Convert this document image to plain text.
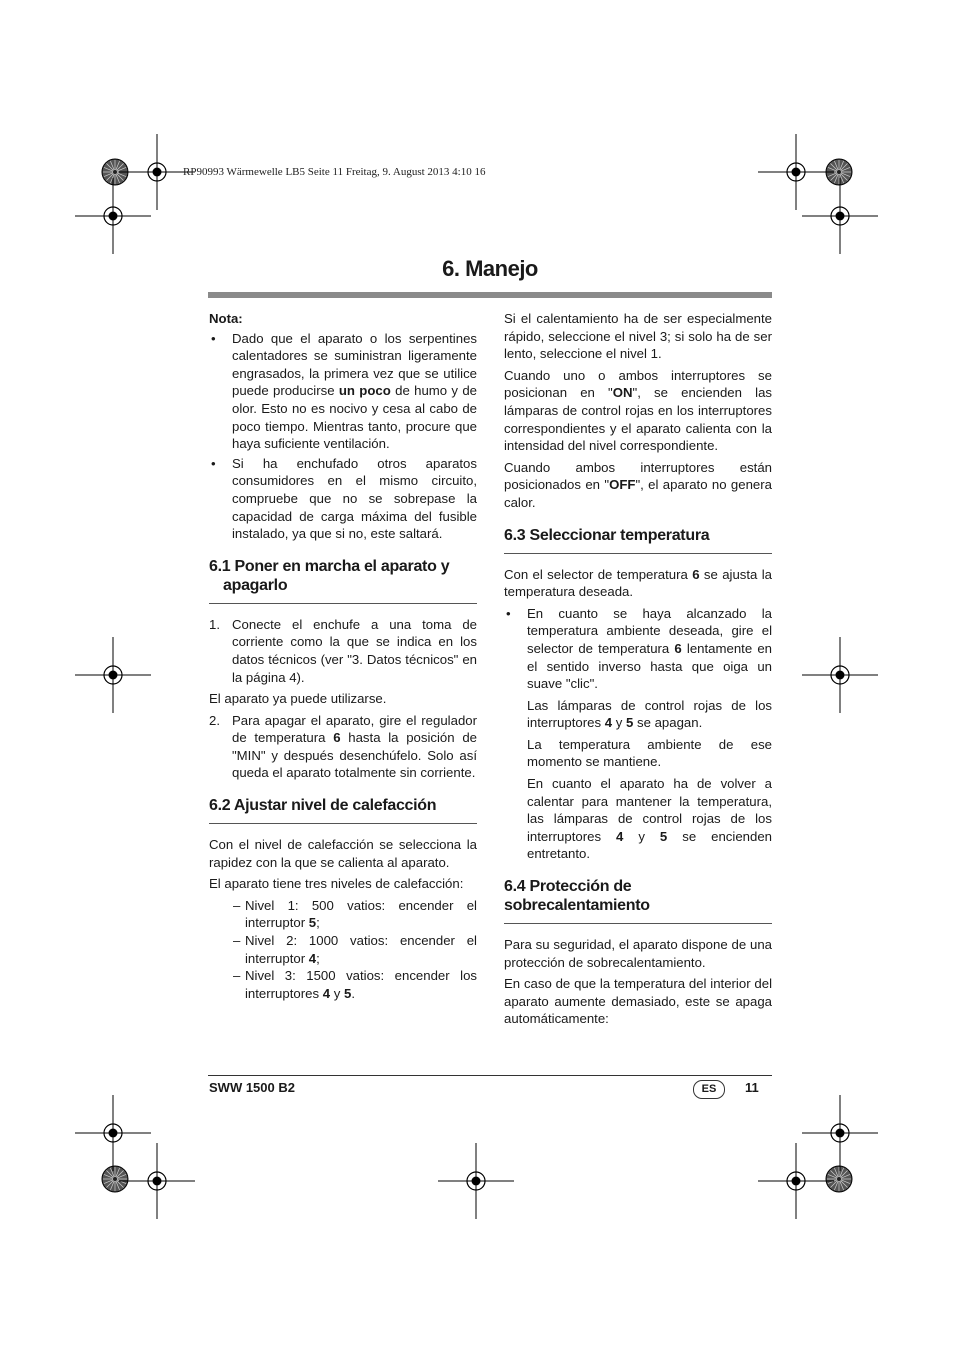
RP90993 Wärmewelle LB5 Seite 11 Freitag, 9. August 2013 4:10 16
6. Manejo

Nota:

• Dado que el aparato o los serpentines calentadores se suministran ligeramente engrasados, la primera vez que se utilice puede producirse un poco de humo y de olor. Esto no es nocivo y cesa al cabo de poco tiempo. Mientras tanto, procure que haya suficiente ventilación.
• Si ha enchufado otros aparatos consumidores en el mismo circuito, compruebe que no se sobrepase la capacidad de carga máxima del fusible instalado, ya que si no, este saltará.
6.1 Poner en marcha el aparato y apagarlo
1. Conecte el enchufe a una toma de corriente como la que se indica en los datos técnicos (ver "3. Datos técnicos" en la página 4).

El aparato ya puede utilizarse.

2. Para apagar el aparato, gire el regulador de temperatura 6 hasta la posición de "MIN" y después desenchúfelo. Solo así queda el aparato totalmente sin corriente.
6.2 Ajustar nivel de calefacción

Con el nivel de calefacción se selecciona la rapidez con la que se calienta al aparato.

El aparato tiene tres niveles de calefacción:

– Nivel 1: 500 vatios: encender el interruptor 5;
– Nivel 2: 1000 vatios: encender el interruptor 4;
– Nivel 3: 1500 vatios: encender los interruptores 4 y 5.

Si el calentamiento ha de ser especialmente rápido, seleccione el nivel 3; si solo ha de ser lento, seleccione el nivel 1.

Cuando uno o ambos interruptores se posicionan en "ON", se encienden las lámparas de control rojas en los interruptores correspondientes y el aparato calienta con la intensidad del nivel correspondiente.

Cuando ambos interruptores están posicionados en "OFF", el aparato no genera calor.

6.3 Seleccionar temperatura

Con el selector de temperatura 6 se ajusta la temperatura deseada.

• En cuanto se haya alcanzado la temperatura ambiente deseada, gire el selector de temperatura 6 lentamente en el sentido inverso hasta que oiga un suave "clic".

Las lámparas de control rojas de los interruptores 4 y 5 se apagan.

La temperatura ambiente de ese momento se mantiene.

En cuanto el aparato ha de volver a calentar para mantener la temperatura, las lámparas de control rojas de los interruptores 4 y 5 se encienden entretanto.

6.4 Protección de sobrecalentamiento

Para su seguridad, el aparato dispone de una protección de sobrecalentamiento.

En caso de que la temperatura del interior del aparato aumente demasiado, este se apaga automáticamente:

SWW 1500 B2	ES	11
